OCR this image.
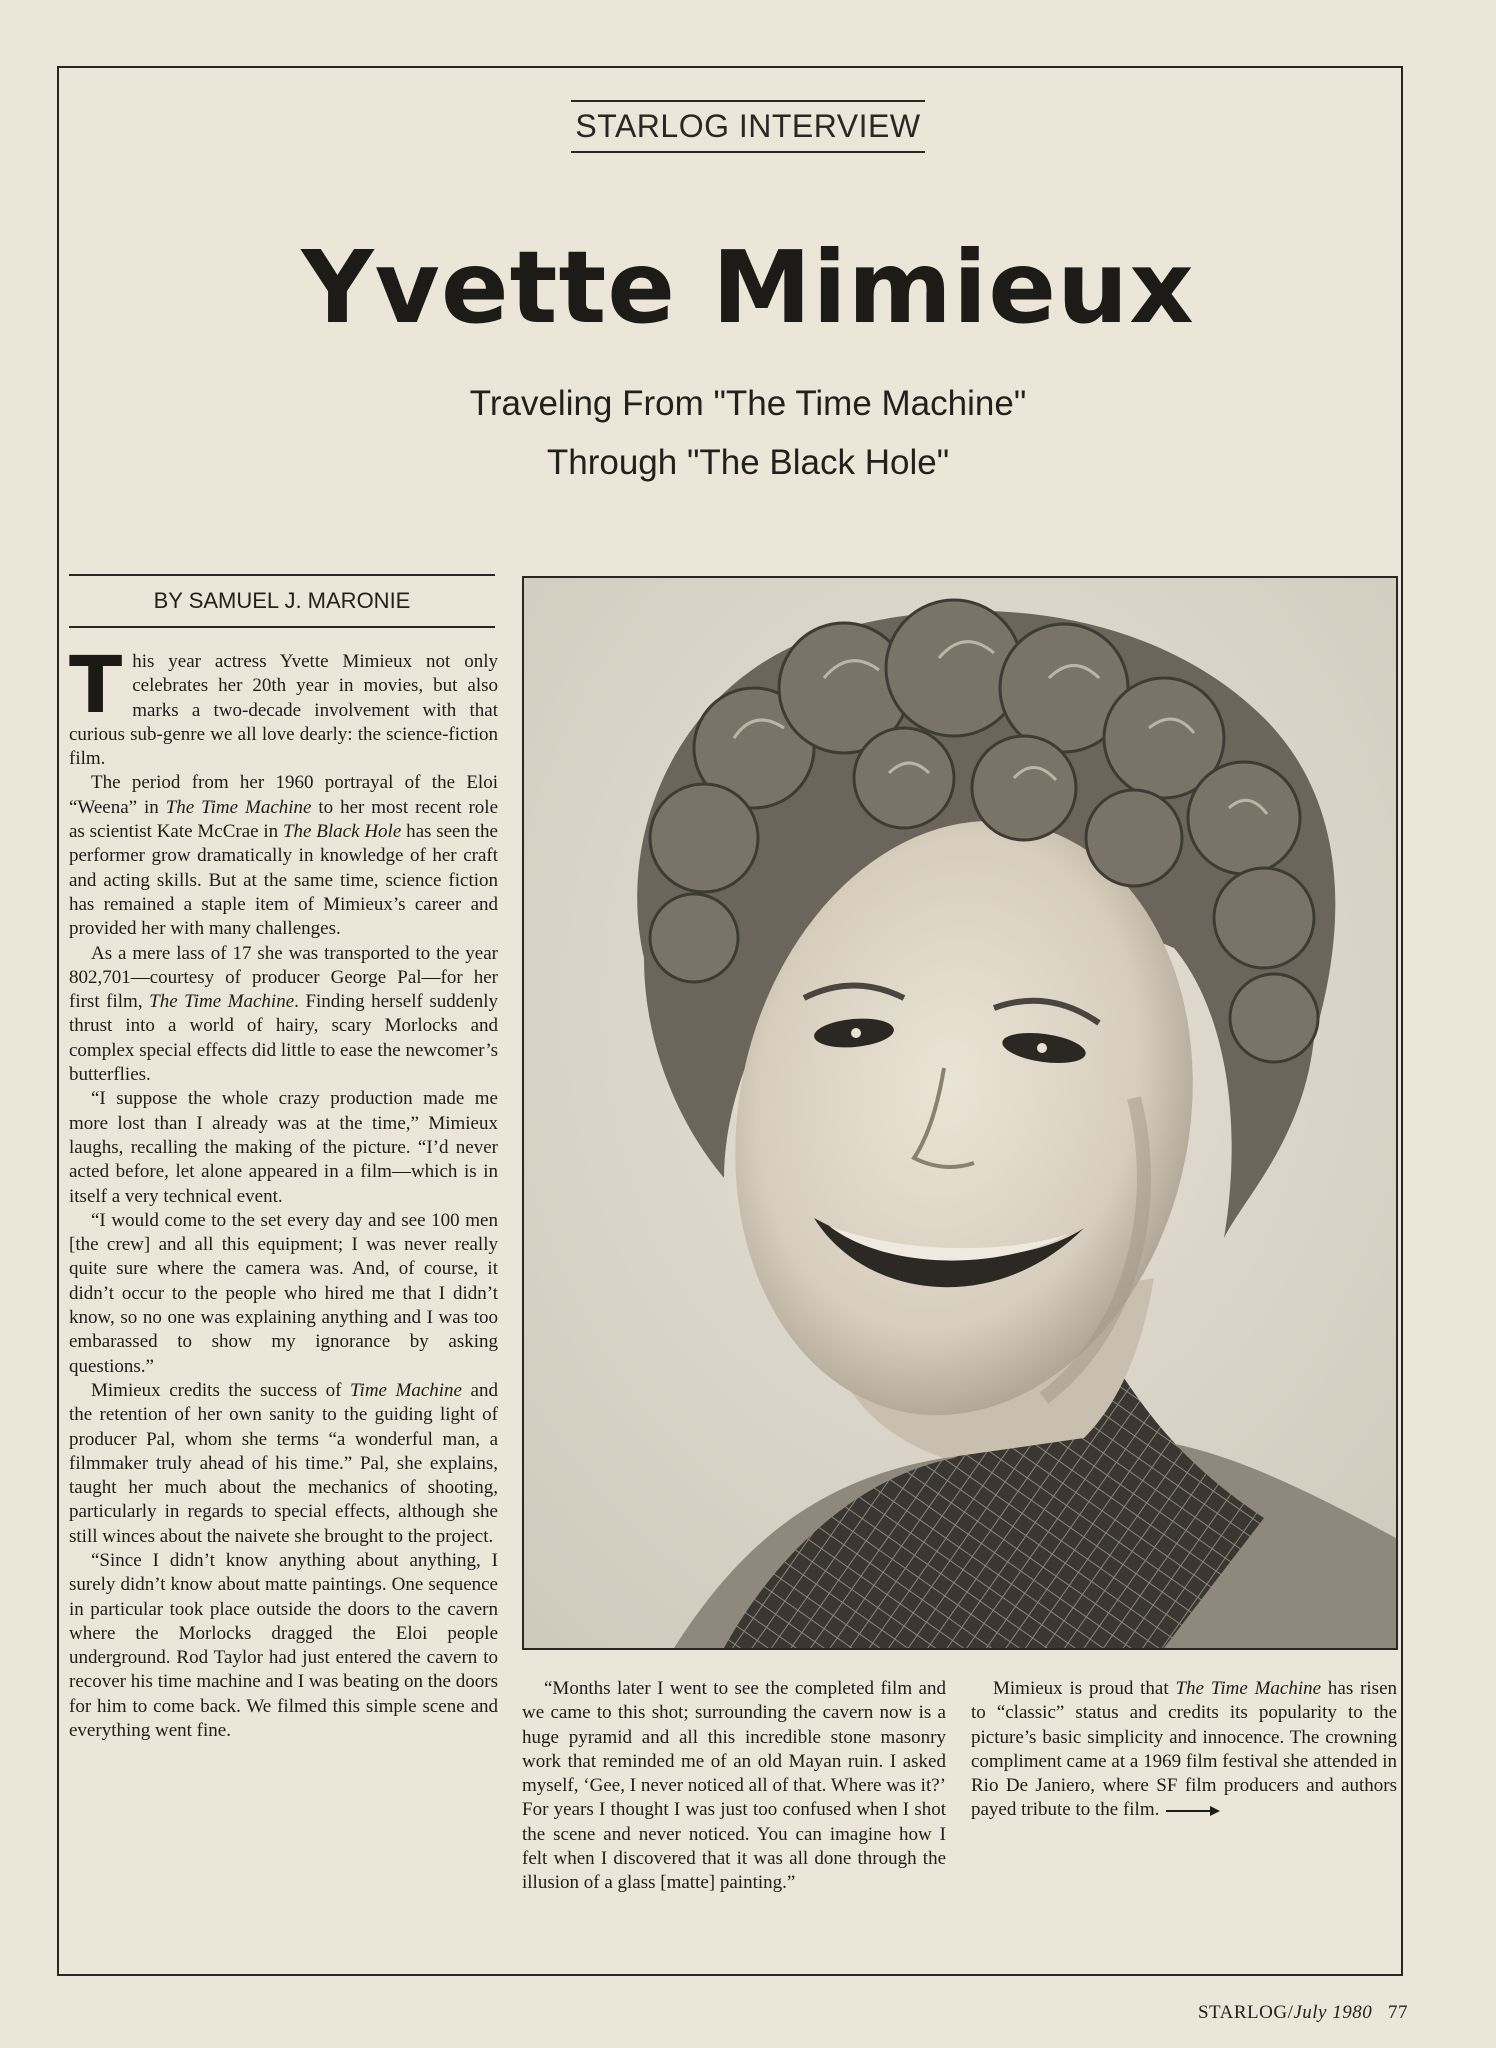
STARLOG INTERVIEW
Yvette Mimieux
Traveling From "The Time Machine"
Through "The Black Hole"
BY SAMUEL J. MARONIE

This year actress Yvette Mimieux not only celebrates her 20th year in movies, but also marks a two-decade involvement with that curious sub-genre we all love dearly: the science-fiction film.

The period from her 1960 portrayal of the Eloi “Weena” in The Time Machine to her most recent role as scientist Kate McCrae in The Black Hole has seen the performer grow dramatically in knowledge of her craft and acting skills. But at the same time, science fiction has remained a staple item of Mimieux’s career and provided her with many challenges.

As a mere lass of 17 she was transported to the year 802,701—courtesy of producer George Pal—for her first film, The Time Machine. Finding herself suddenly thrust into a world of hairy, scary Morlocks and complex special effects did little to ease the newcomer’s butterflies.

“I suppose the whole crazy production made me more lost than I already was at the time,” Mimieux laughs, recalling the making of the picture. “I’d never acted before, let alone appeared in a film—which is in itself a very technical event.

“I would come to the set every day and see 100 men [the crew] and all this equipment; I was never really quite sure where the camera was. And, of course, it didn’t occur to the people who hired me that I didn’t know, so no one was explaining anything and I was too embarassed to show my ignorance by asking questions.”

Mimieux credits the success of Time Machine and the retention of her own sanity to the guiding light of producer Pal, whom she terms “a wonderful man, a filmmaker truly ahead of his time.” Pal, she explains, taught her much about the mechanics of shooting, particularly in regards to special effects, although she still winces about the naivete she brought to the project.

“Since I didn’t know anything about anything, I surely didn’t know about matte paintings. One sequence in particular took place outside the doors to the cavern where the Morlocks dragged the Eloi people underground. Rod Taylor had just entered the cavern to recover his time machine and I was beating on the doors for him to come back. We filmed this simple scene and everything went fine.

“Months later I went to see the completed film and we came to this shot; surrounding the cavern now is a huge pyramid and all this incredible stone masonry work that reminded me of an old Mayan ruin. I asked myself, ‘Gee, I never noticed all of that. Where was it?’ For years I thought I was just too confused when I shot the scene and never noticed. You can imagine how I felt when I discovered that it was all done through the illusion of a glass [matte] painting.”

Mimieux is proud that The Time Machine has risen to “classic” status and credits its popularity to the picture’s basic simplicity and innocence. The crowning compliment came at a 1969 film festival she attended in Rio De Janiero, where SF film producers and authors payed tribute to the film.

STARLOG/July 1980 77
